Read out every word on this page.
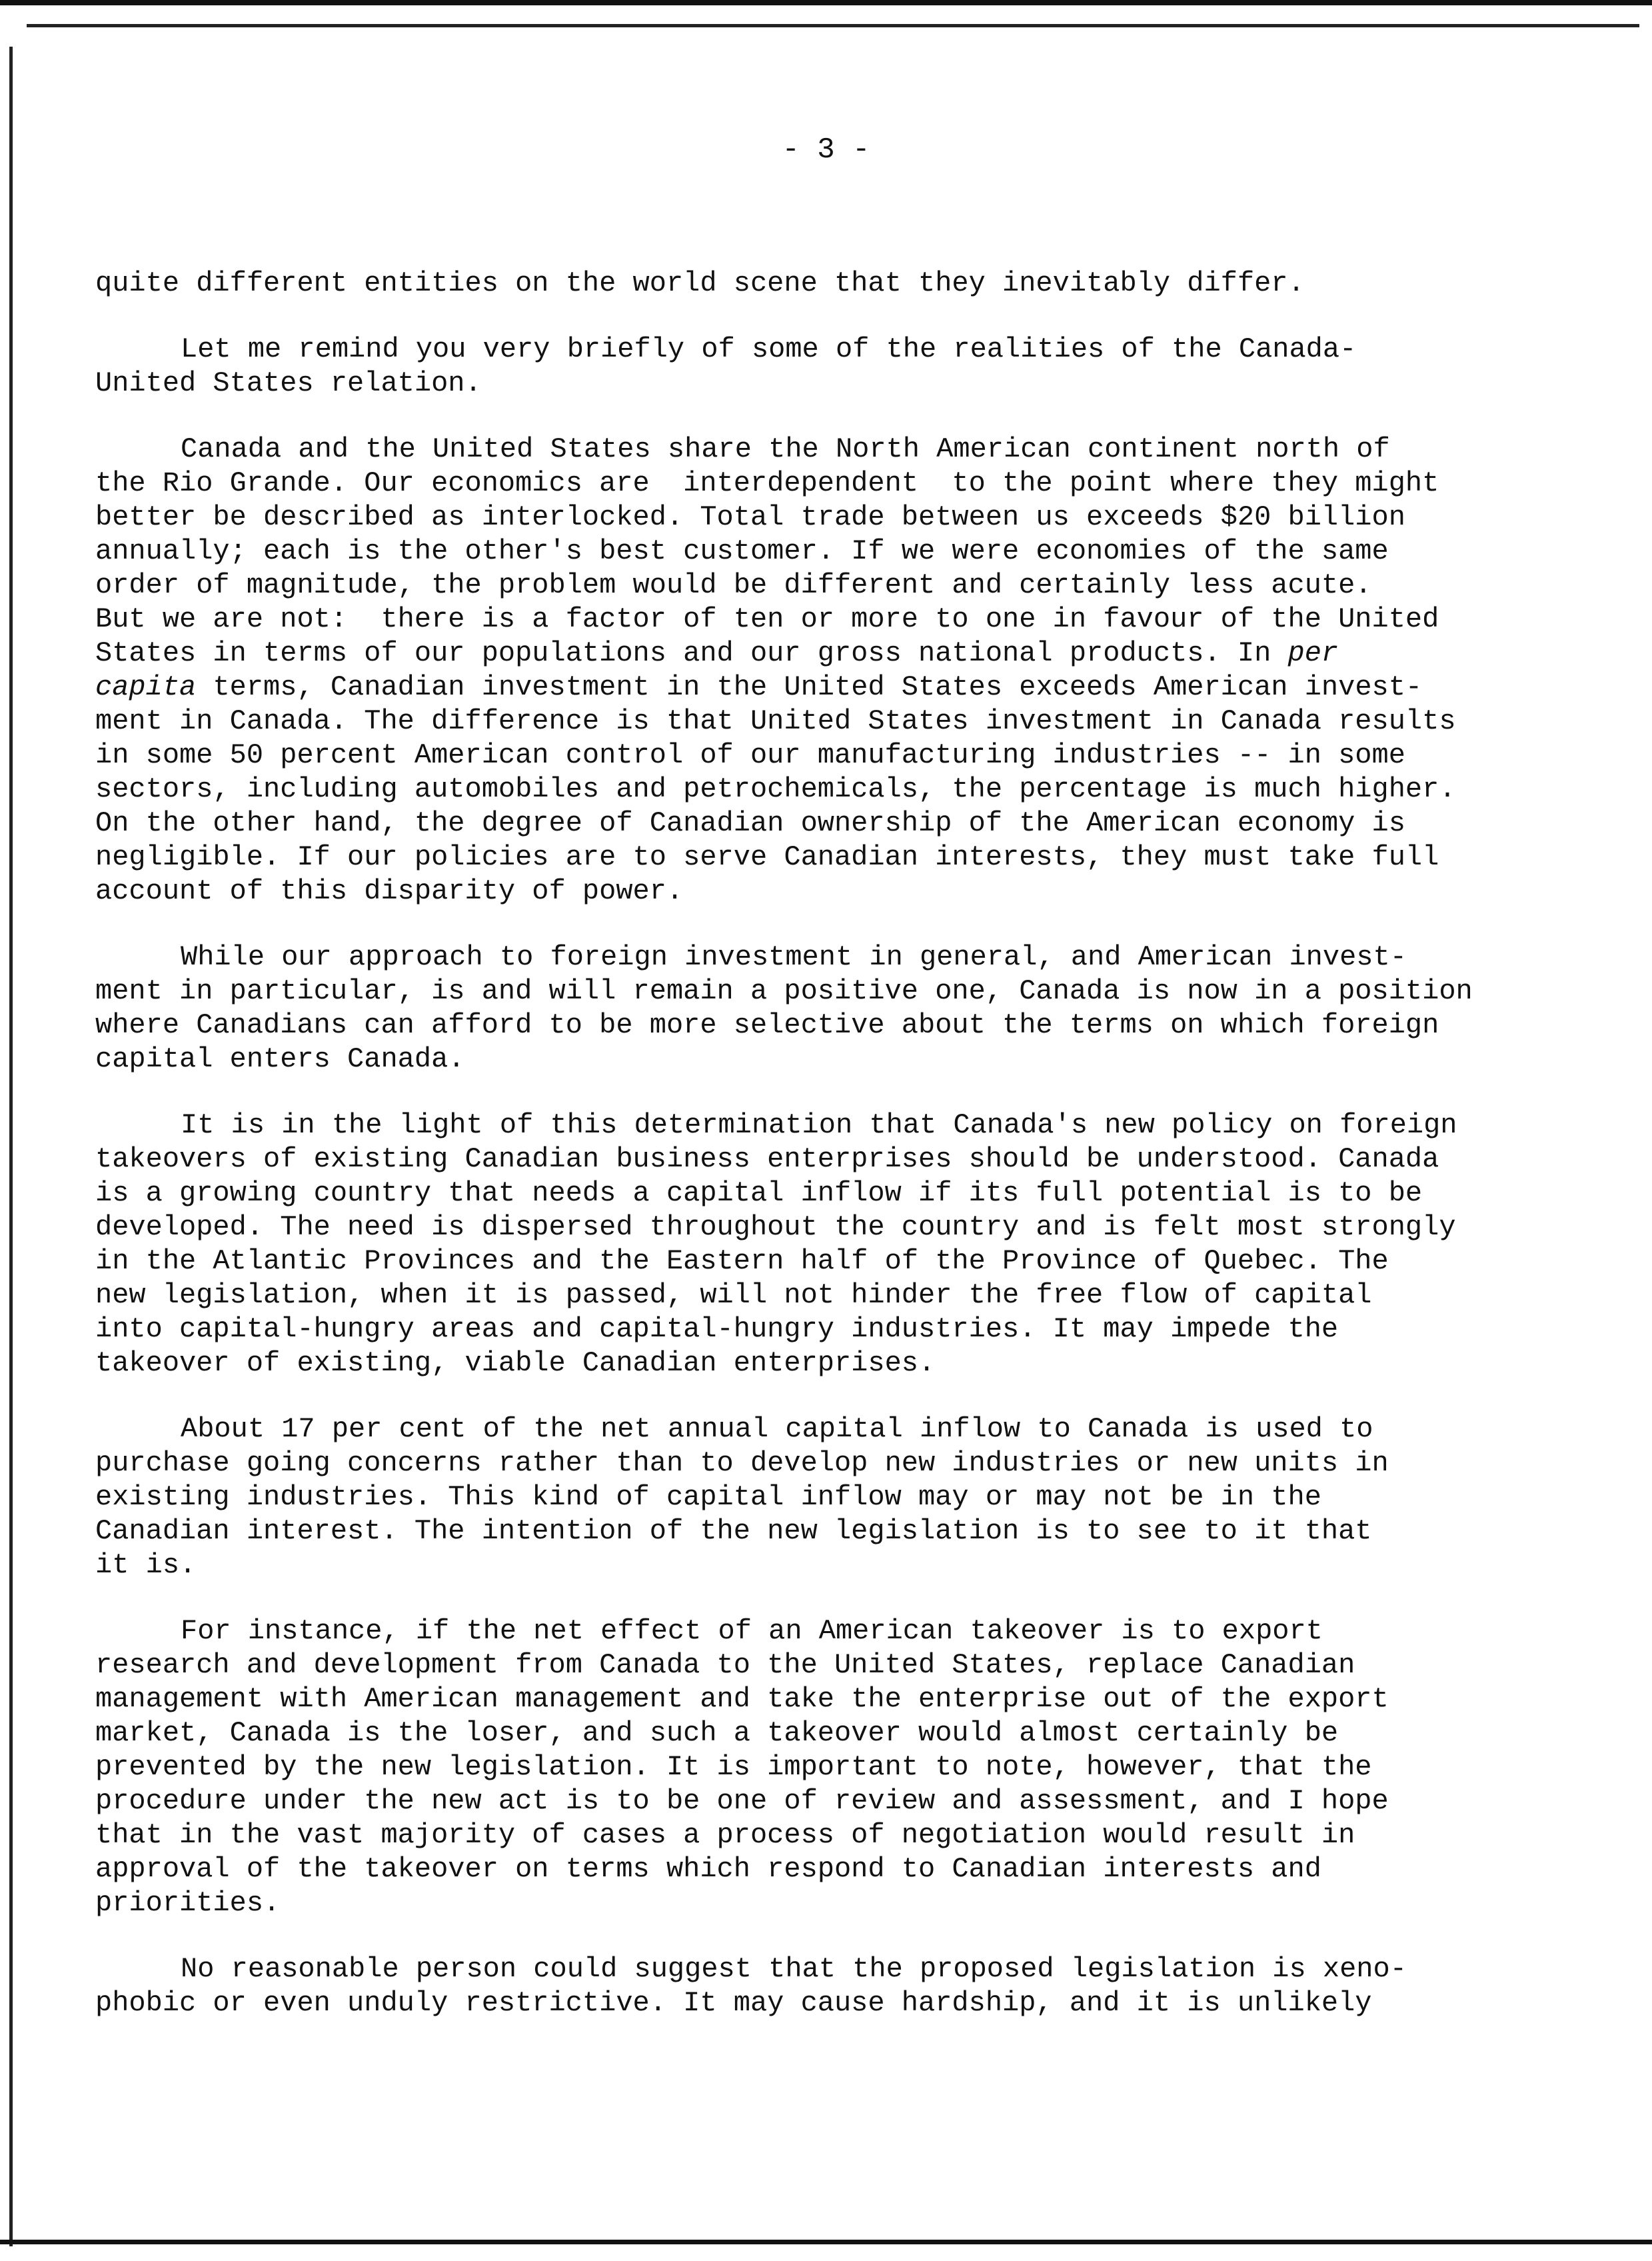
- 3 -
quite different entities on the world scene that they inevitably differ.
Let me remind you very briefly of some of the realities of the Canada-
United States relation.
Canada and the United States share the North American continent north of
the Rio Grande. Our economics are  interdependent  to the point where they might
better be described as interlocked. Total trade between us exceeds $20 billion
annually; each is the other's best customer. If we were economies of the same
order of magnitude, the problem would be different and certainly less acute.
But we are not:  there is a factor of ten or more to one in favour of the United
States in terms of our populations and our gross national products. In per
capita terms, Canadian investment in the United States exceeds American invest-
ment in Canada. The difference is that United States investment in Canada results
in some 50 percent American control of our manufacturing industries -- in some
sectors, including automobiles and petrochemicals, the percentage is much higher.
On the other hand, the degree of Canadian ownership of the American economy is
negligible. If our policies are to serve Canadian interests, they must take full
account of this disparity of power.
While our approach to foreign investment in general, and American invest-
ment in particular, is and will remain a positive one, Canada is now in a position
where Canadians can afford to be more selective about the terms on which foreign
capital enters Canada.
It is in the light of this determination that Canada's new policy on foreign
takeovers of existing Canadian business enterprises should be understood. Canada
is a growing country that needs a capital inflow if its full potential is to be
developed. The need is dispersed throughout the country and is felt most strongly
in the Atlantic Provinces and the Eastern half of the Province of Quebec. The
new legislation, when it is passed, will not hinder the free flow of capital
into capital-hungry areas and capital-hungry industries. It may impede the
takeover of existing, viable Canadian enterprises.
About 17 per cent of the net annual capital inflow to Canada is used to
purchase going concerns rather than to develop new industries or new units in
existing industries. This kind of capital inflow may or may not be in the
Canadian interest. The intention of the new legislation is to see to it that
it is.
For instance, if the net effect of an American takeover is to export
research and development from Canada to the United States, replace Canadian
management with American management and take the enterprise out of the export
market, Canada is the loser, and such a takeover would almost certainly be
prevented by the new legislation. It is important to note, however, that the
procedure under the new act is to be one of review and assessment, and I hope
that in the vast majority of cases a process of negotiation would result in
approval of the takeover on terms which respond to Canadian interests and
priorities.
No reasonable person could suggest that the proposed legislation is xeno-
phobic or even unduly restrictive. It may cause hardship, and it is unlikely
